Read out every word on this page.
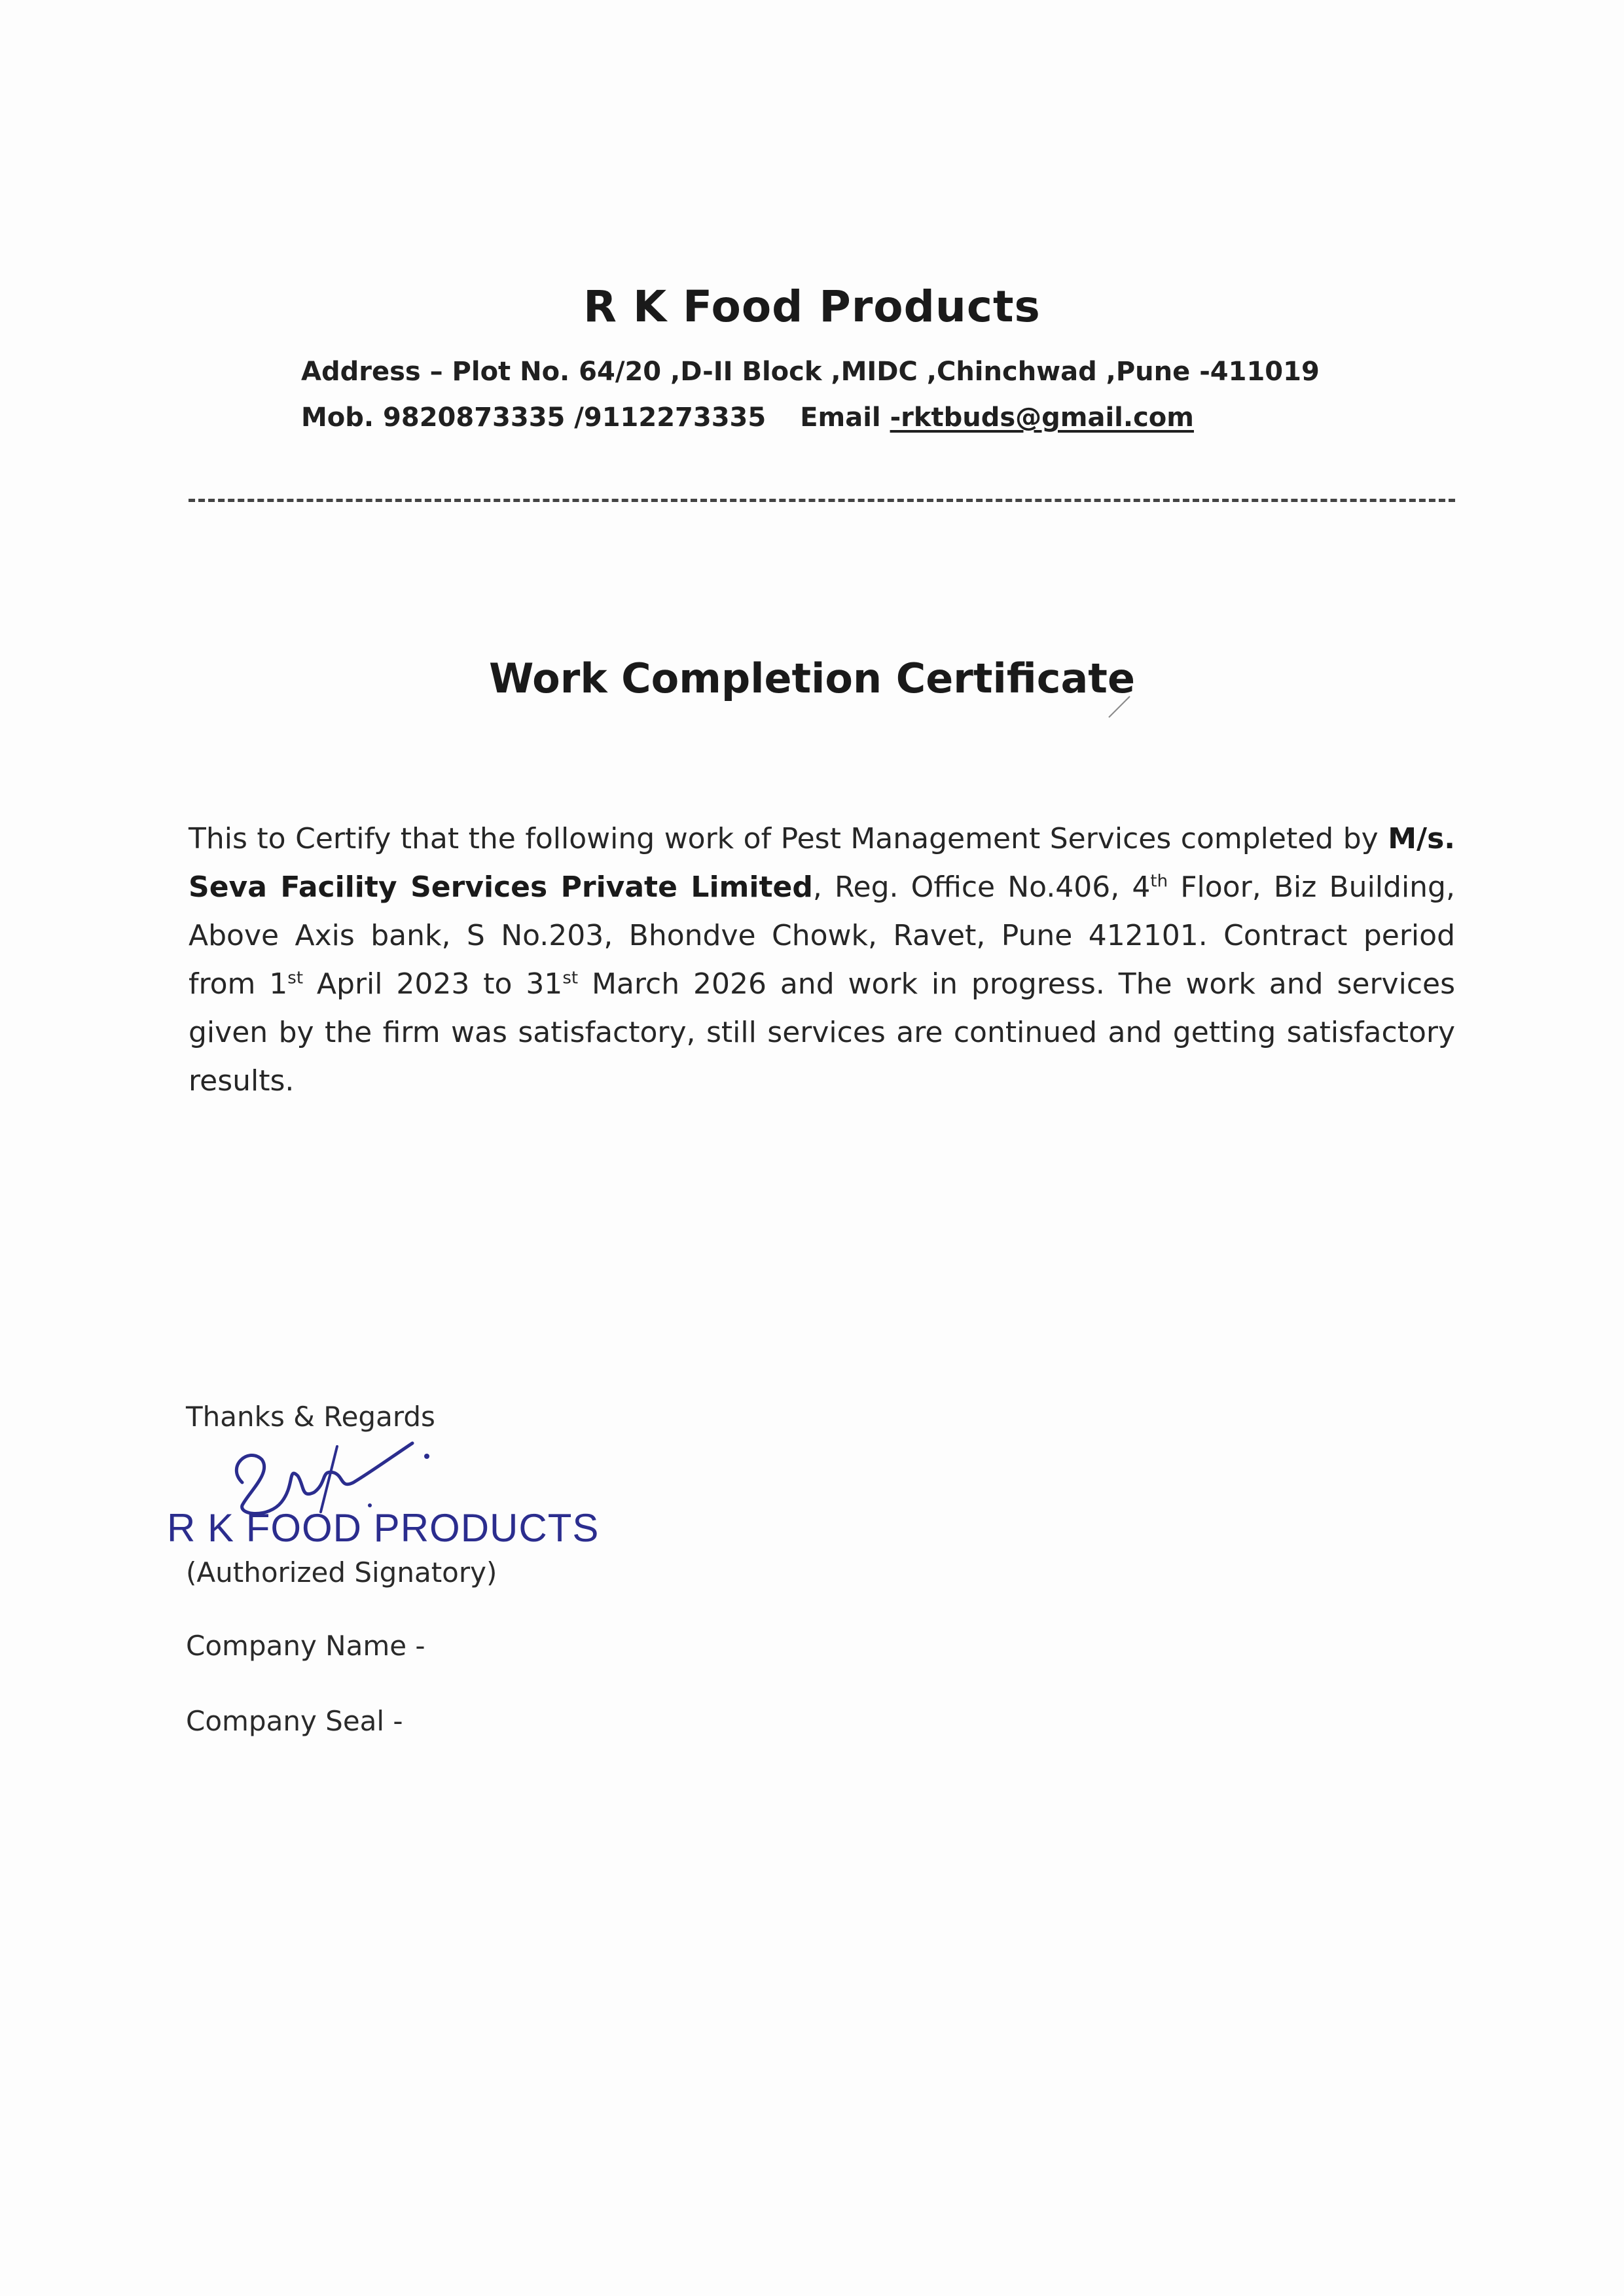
R K Food Products
Address – Plot No. 64/20 ,D-II Block ,MIDC ,Chinchwad ,Pune -411019
Mob. 9820873335 /9112273335 Email -rktbuds@gmail.com
Work Completion Certificate
This to Certify that the following work of Pest Management Services completed by M/s. Seva Facility Services Private Limited, Reg. Office No.406, 4th Floor, Biz Building, Above Axis bank, S No.203, Bhondve Chowk, Ravet, Pune 412101. Contract period from 1st April 2023 to 31st March 2026 and work in progress. The work and services given by the firm was satisfactory, still services are continued and getting satisfactory results.
Thanks & Regards
R K FOOD PRODUCTS
(Authorized Signatory)
Company Name -
Company Seal -
